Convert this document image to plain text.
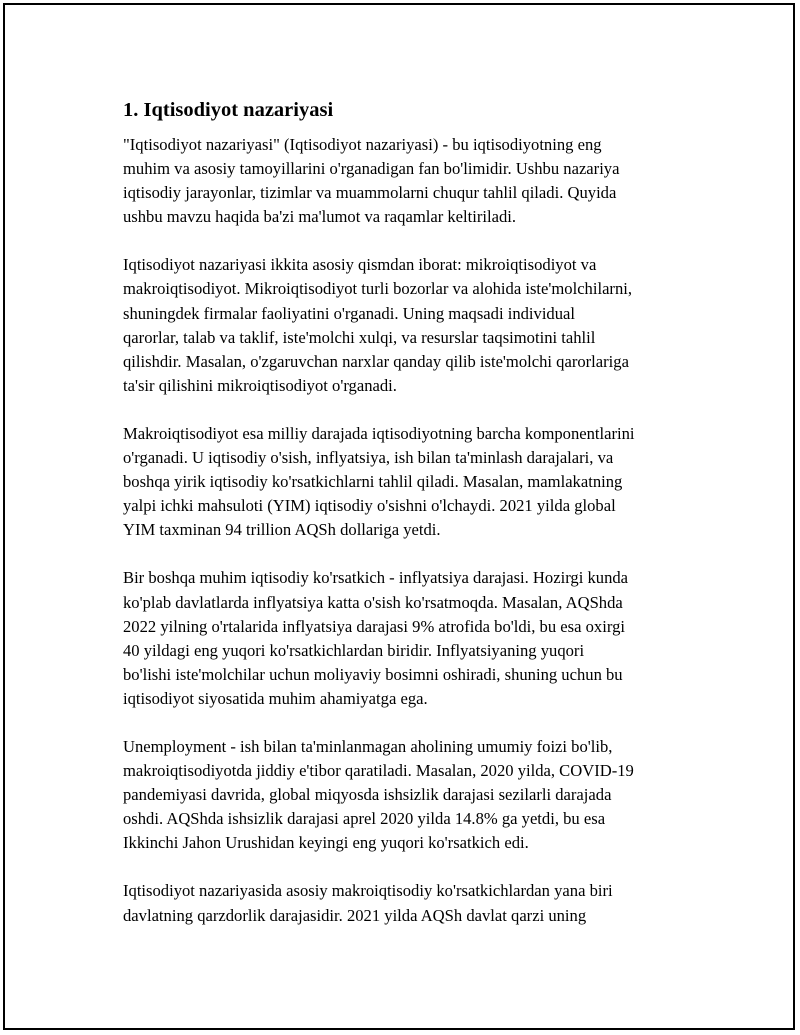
1. Iqtisodiyot nazariyasi

"Iqtisodiyot nazariyasi" (Iqtisodiyot nazariyasi) - bu iqtisodiyotning eng
muhim va asosiy tamoyillarini o'rganadigan fan bo'limidir. Ushbu nazariya
iqtisodiy jarayonlar, tizimlar va muammolarni chuqur tahlil qiladi. Quyida
ushbu mavzu haqida ba'zi ma'lumot va raqamlar keltiriladi.

Iqtisodiyot nazariyasi ikkita asosiy qismdan iborat: mikroiqtisodiyot va
makroiqtisodiyot. Mikroiqtisodiyot turli bozorlar va alohida iste'molchilarni,
shuningdek firmalar faoliyatini o'rganadi. Uning maqsadi individual
qarorlar, talab va taklif, iste'molchi xulqi, va resurslar taqsimotini tahlil
qilishdir. Masalan, o'zgaruvchan narxlar qanday qilib iste'molchi qarorlariga
ta'sir qilishini mikroiqtisodiyot o'rganadi.

Makroiqtisodiyot esa milliy darajada iqtisodiyotning barcha komponentlarini
o'rganadi. U iqtisodiy o'sish, inflyatsiya, ish bilan ta'minlash darajalari, va
boshqa yirik iqtisodiy ko'rsatkichlarni tahlil qiladi. Masalan, mamlakatning
yalpi ichki mahsuloti (YIM) iqtisodiy o'sishni o'lchaydi. 2021 yilda global
YIM taxminan 94 trillion AQSh dollariga yetdi.

Bir boshqa muhim iqtisodiy ko'rsatkich - inflyatsiya darajasi. Hozirgi kunda
ko'plab davlatlarda inflyatsiya katta o'sish ko'rsatmoqda. Masalan, AQShda
2022 yilning o'rtalarida inflyatsiya darajasi 9% atrofida bo'ldi, bu esa oxirgi
40 yildagi eng yuqori ko'rsatkichlardan biridir. Inflyatsiyaning yuqori
bo'lishi iste'molchilar uchun moliyaviy bosimni oshiradi, shuning uchun bu
iqtisodiyot siyosatida muhim ahamiyatga ega.

Unemployment - ish bilan ta'minlanmagan aholining umumiy foizi bo'lib,
makroiqtisodiyotda jiddiy e'tibor qaratiladi. Masalan, 2020 yilda, COVID-19
pandemiyasi davrida, global miqyosda ishsizlik darajasi sezilarli darajada
oshdi. AQShda ishsizlik darajasi aprel 2020 yilda 14.8% ga yetdi, bu esa
Ikkinchi Jahon Urushidan keyingi eng yuqori ko'rsatkich edi.

Iqtisodiyot nazariyasida asosiy makroiqtisodiy ko'rsatkichlardan yana biri
davlatning qarzdorlik darajasidir. 2021 yilda AQSh davlat qarzi uning
